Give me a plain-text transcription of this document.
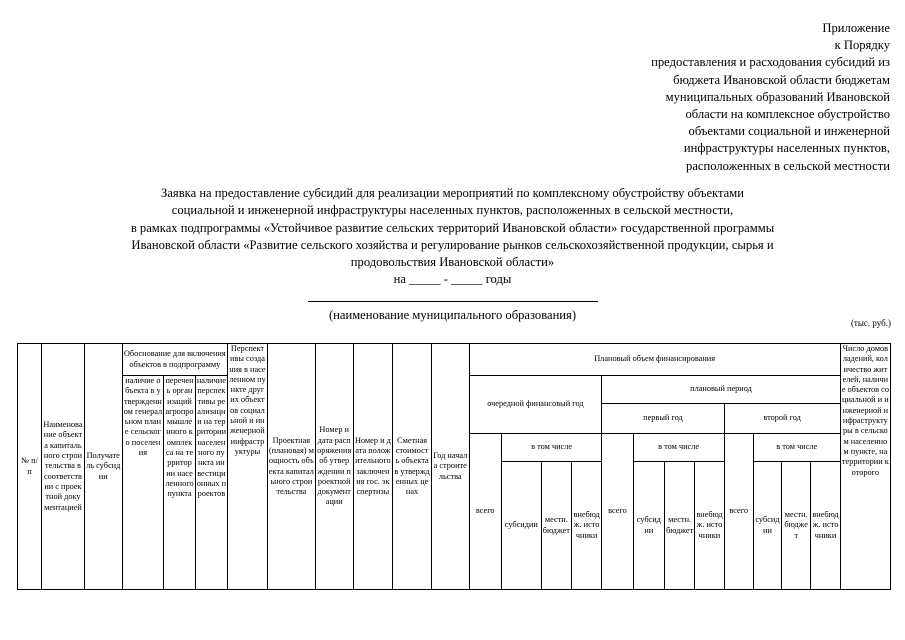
Приложение
к Порядку
предоставления и расходования субсидий из
бюджета Ивановской области бюджетам
муниципальных образований Ивановской
области на комплексное обустройство
объектами социальной и инженерной
инфраструктуры населенных пунктов,
расположенных в сельской местности
Заявка на предоставление субсидий для реализации мероприятий по комплексному обустройству объектами
социальной и инженерной инфраструктуры населенных пунктов, расположенных в сельской местности,
в рамках подпрограммы «Устойчивое развитие сельских территорий Ивановской области» государственной программы
Ивановской области «Развитие сельского хозяйства и регулирование рынков сельскохозяйственной продукции, сырья и
продовольствия Ивановской области»
на _____ - _____ годы
(наименование муниципального образования)
(тыс. руб.)
№ п/п	Наименование объекта капитального строительства в соответствии с проектной документацией	Получатель субсидии	Обоснование для включения объектов в подпрограмму			Перспективы создания в населенном пункте других объектов социальной и инженерной инфраструктуры	Проектная (плановая) мощность объекта капитального строительства	Номер и дата распоряжения об утверждении проектной документации	Номер и дата положительного заключения гос. экспертизы	Сметная стоимость объекта в утвержденных ценах	Год начала строительства	Плановый объем финансирования												Число домовладений, количество жителей, наличие объектов социальной и инженерной инфраструктуры в сельском населенном пункте, на территории которого
			наличие объекта в утвержденном генеральном плане сельского поселения	перечень организаций агропромышленного комплекса на территории населенного пункта	наличие перспективы реализации на территории населенного пункта инвестиционных проектов							очередной финансовый год				плановый период								
																первый год				второй год				
												всего	в том числе			всего	в том числе			всего	в том числе			
													субсидии	местн. бюджет	внебюдж. источники		субсидии	местн. бюджет	внебюдж. источники		субсидии	местн. бюджет	внебюдж. источники	
